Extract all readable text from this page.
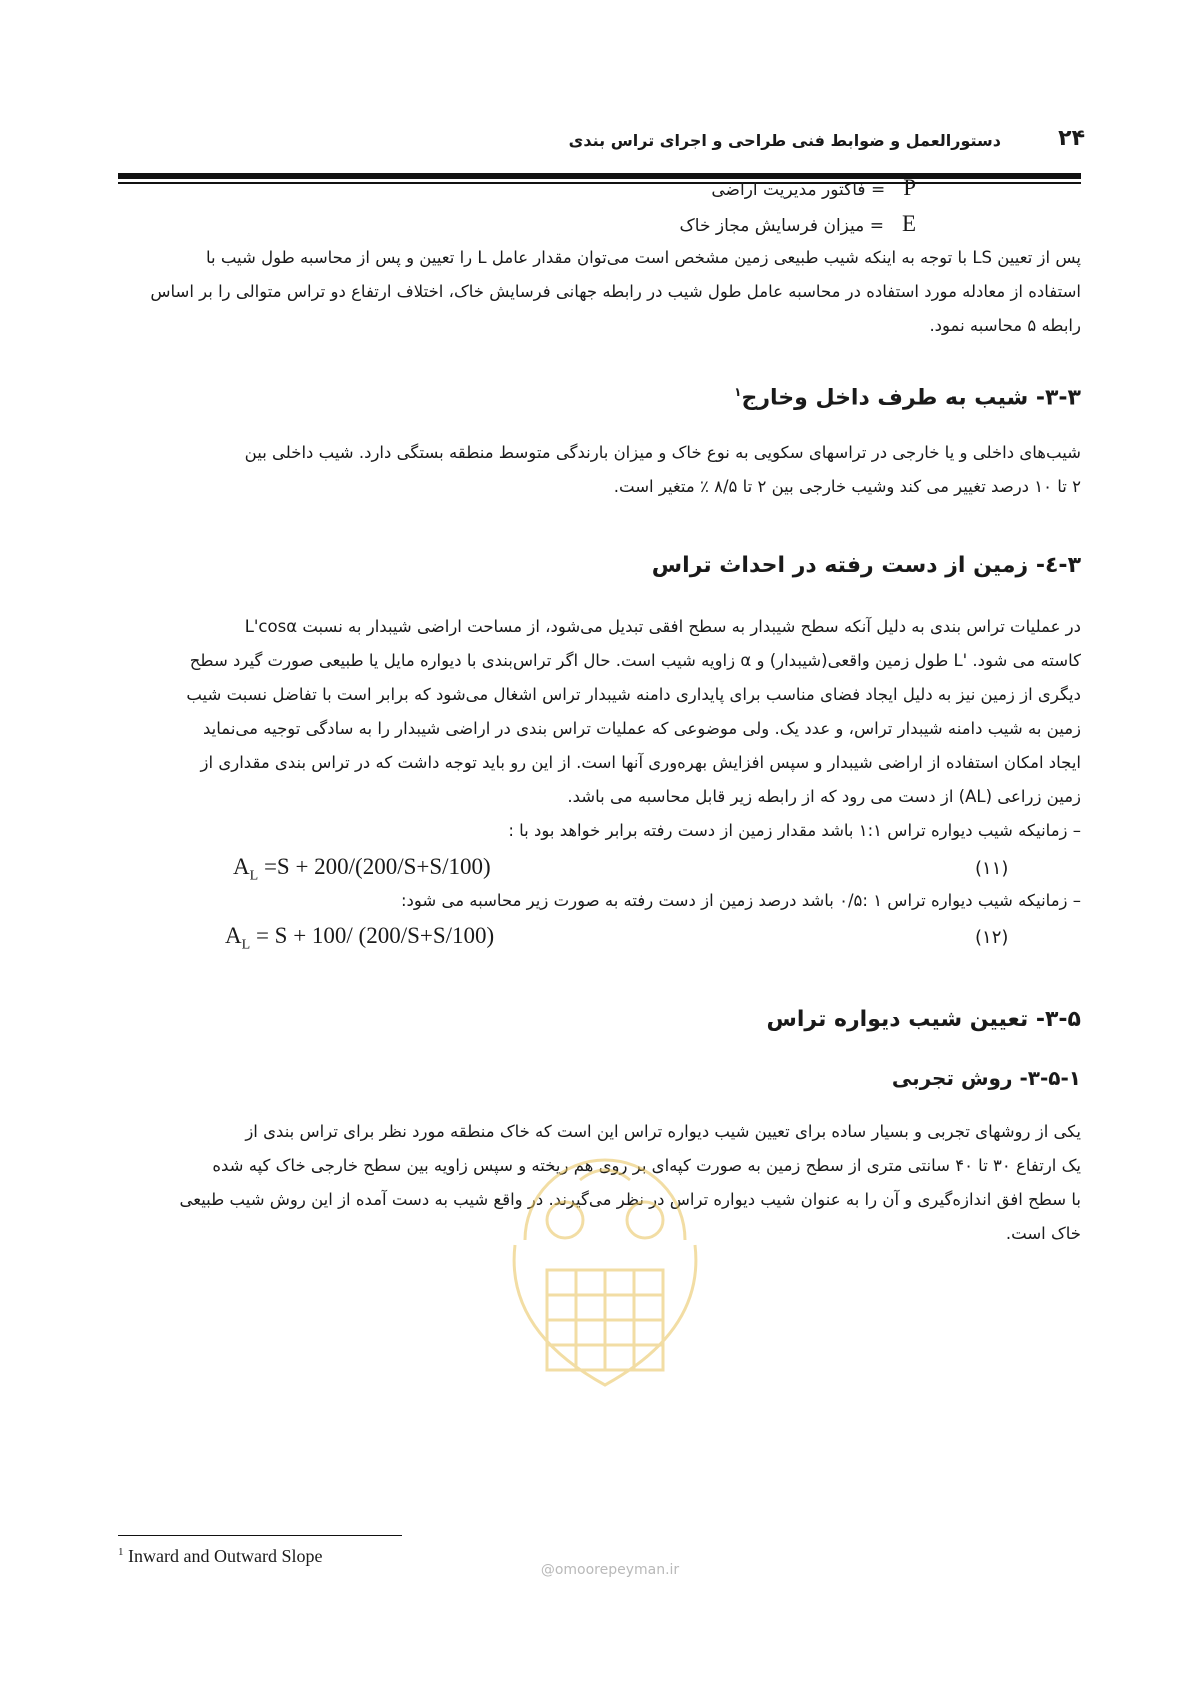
دستورالعمل و ضوابط فنی طراحی و اجرای تراس بندی	۲۴
P= فاکتور مدیریت اراضی
E= میزان فرسایش مجاز خاک
پس از تعیین LS با توجه به اینکه شیب طبیعی زمین مشخص است می‌توان مقدار عامل L را تعیین و پس از محاسبه طول شیب با
استفاده از معادله مورد استفاده در محاسبه عامل طول شیب در رابطه جهانی فرسایش خاک، اختلاف ارتفاع دو تراس متوالی را بر اساس
رابطه ۵ محاسبه نمود.
۳-۳- شیب به طرف داخل وخارج$^۱$
شیب‌های داخلی و یا خارجی در تراسهای سکویی به نوع خاک و میزان بارندگی متوسط منطقه بستگی دارد. شیب داخلی بین
۲ تا ۱۰ درصد تغییر می کند وشیب خارجی بین ۲ تا ۸/۵ ٪ متغیر است.
۳-٤- زمین از دست رفته در احداث تراس
در عملیات تراس بندی به دلیل آنکه سطح شیبدار به سطح افقی تبدیل می‌شود، از مساحت اراضی شیبدار به نسبت L'cosα
کاسته می شود. 'L طول زمین واقعی(شیبدار) و α زاویه شیب است. حال اگر تراس‌بندی با دیواره مایل یا طبیعی صورت گیرد سطح
دیگری از زمین نیز به دلیل ایجاد فضای مناسب برای پایداری دامنه شیبدار تراس اشغال می‌شود که برابر است با تفاضل نسبت شیب
زمین به شیب دامنه شیبدار تراس، و عدد یک. ولی موضوعی که عملیات تراس بندی در اراضی شیبدار را به سادگی توجیه می‌نماید
ایجاد امکان استفاده از اراضی شیبدار و سپس افزایش بهره‌وری آنها است. از این رو باید توجه داشت که در تراس بندی مقداری از
زمین زراعی (AL) از دست می رود که از رابطه زیر قابل محاسبه می باشد.
– زمانیکه شیب دیواره تراس ۱:۱ باشد مقدار زمین از دست رفته برابر خواهد بود با :
$A_L =S + 200/(200/S+S/100)$	(۱۱)
– زمانیکه شیب دیواره تراس ۱ :۰/۵ باشد درصد زمین از دست رفته به صورت زیر محاسبه می شود:
$A_L = S + 100/$ (200/S+S/100)	(۱۲)
۳-۵- تعیین شیب دیواره تراس
۳-۵-۱- روش تجربی
یکی از روشهای تجربی و بسیار ساده برای تعیین شیب دیواره تراس این است که خاک منطقه مورد نظر برای تراس بندی از
یک ارتفاع ۳۰ تا ۴۰ سانتی متری از سطح زمین به صورت کپه‌ای بر روی هم ریخته و سپس زاویه بین سطح خارجی خاک کپه شده
با سطح افق اندازه‌گیری و آن را به عنوان شیب دیواره تراس در نظر می‌گیرند. در واقع شیب به دست آمده از این روش شیب طبیعی
خاک است.
@omoorepeyman.ir
$^1$ Inward and Outward Slope
